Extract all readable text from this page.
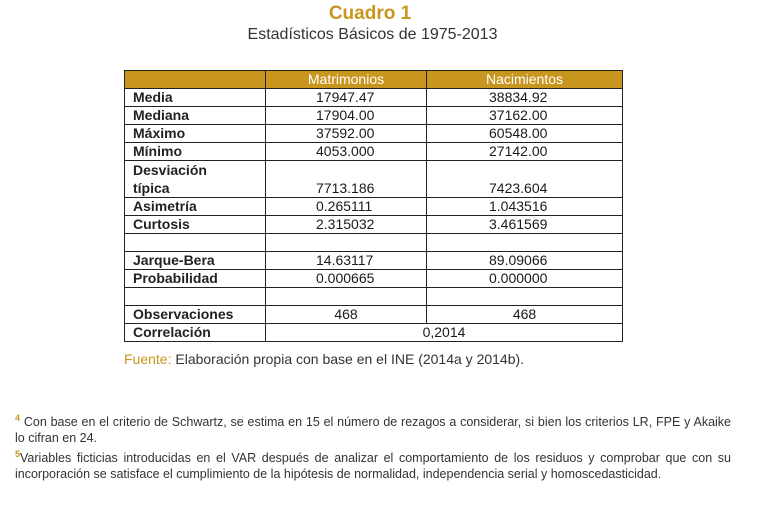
Cuadro 1
Estadísticos Básicos de 1975-2013
	Matrimonios	Nacimientos
Media	17947.47	38834.92
Mediana	17904.00	37162.00
Máximo	37592.00	60548.00
Mínimo	4053.000	27142.00
Desviación
típica	7713.186	7423.604
Asimetría	0.265111	1.043516
Curtosis	2.315032	3.461569

Jarque-Bera	14.63117	89.09066
Probabilidad	0.000665	0.000000

Observaciones	468	468
Correlación	0,2014	
Fuente: Elaboración propia con base en el INE (2014a y 2014b).

$^4$ Con base en el criterio de Schwartz, se estima en 15 el número de rezagos a considerar, si bien los criterios LR, FPE y Akaike lo cifran en 24.

$^5$Variables ficticias introducidas en el VAR después de analizar el comportamiento de los residuos y comprobar que con su incorporación se satisface el cumplimiento de la hipótesis de normalidad, independencia serial y homoscedasticidad.
